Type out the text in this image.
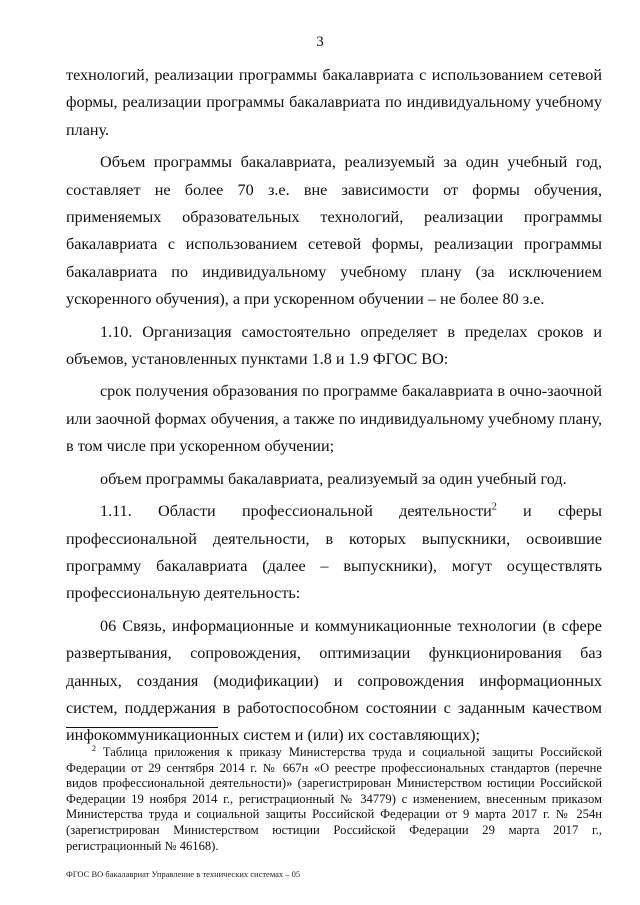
3

технологий, реализации программы бакалавриата с использованием сетевой формы, реализации программы бакалавриата по индивидуальному учебному плану.

Объем программы бакалавриата, реализуемый за один учебный год, составляет не более 70 з.е. вне зависимости от формы обучения, применяемых образовательных технологий, реализации программы бакалавриата с использованием сетевой формы, реализации программы бакалавриата по индивидуальному учебному плану (за исключением ускоренного обучения), а при ускоренном обучении – не более 80 з.е.

1.10. Организация самостоятельно определяет в пределах сроков и объемов, установленных пунктами 1.8 и 1.9 ФГОС ВО:

срок получения образования по программе бакалавриата в очно-заочной или заочной формах обучения, а также по индивидуальному учебному плану, в том числе при ускоренном обучении;

объем программы бакалавриата, реализуемый за один учебный год.

1.11. Области профессиональной деятельности$^2$ и сферы профессиональной деятельности, в которых выпускники, освоившие программу бакалавриата (далее – выпускники), могут осуществлять профессиональную деятельность:

06 Связь, информационные и коммуникационные технологии (в сфере развертывания, сопровождения, оптимизации функционирования баз данных, создания (модификации) и сопровождения информационных систем, поддержания в работоспособном состоянии с заданным качеством инфокоммуникационных систем и (или) их составляющих);

$^2$ Таблица приложения к приказу Министерства труда и социальной защиты Российской Федерации от 29 сентября 2014 г. № 667н «О реестре профессиональных стандартов (перечне видов профессиональной деятельности)» (зарегистрирован Министерством юстиции Российской Федерации 19 ноября 2014 г., регистрационный № 34779) с изменением, внесенным приказом Министерства труда и социальной защиты Российской Федерации от 9 марта 2017 г. № 254н (зарегистрирован Министерством юстиции Российской Федерации 29 марта 2017 г., регистрационный № 46168).

ФГОС ВО бакалавриат Управление в технических системах – 05
